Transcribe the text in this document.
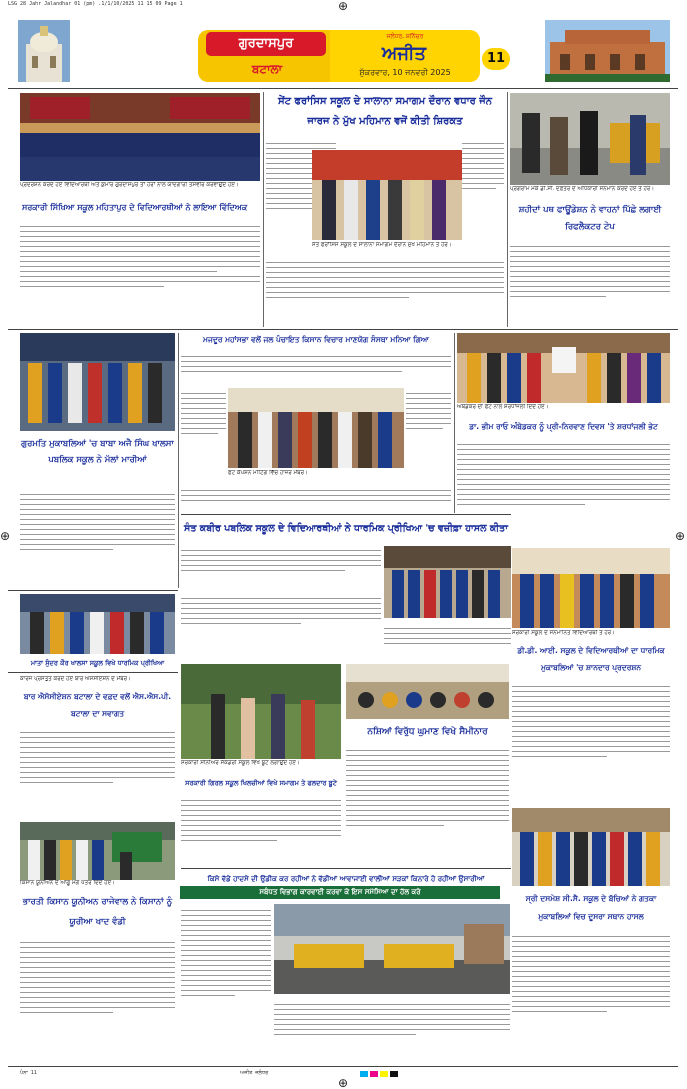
LSG 28 Jahr Jalandhar 01 (pm) .1/1/10/2025 11 15 09 Page 1
⊕	⊕
⊕
⊕
ਗੁਰਦਾਸਪੁਰ
ਬਟਾਲਾ
ਜਲੰਧਰ, ਸ਼ਨਿੱਚਰ
ਅਜੀਤ
ਸ਼ੁੱਕਰਵਾਰ, 10 ਜਨਵਰੀ 2025
11
ਪ੍ਰਦਰਸ਼ਨ ਕਰਦੇ ਹੋਏ ਵਿਦਿਆਰਥੀ ਅਤੇ ਕੁਮਾਰ ਗੁਰਦਾਸਪੁਰ ਤਾਂ ਹੋਰਾਂ ਨਾਲ ਯਾਦਗਾਰੀ ਤਸਵੀਰ ਕਰਵਾਉਂਦੇ ਹੋਏ।
ਸਰਕਾਰੀ ਸਿੱਖਿਆ ਸਕੂਲ ਮਹਿਤਾਪੁਰ ਦੇ ਵਿਦਿਆਰਥੀਆਂ ਨੇ ਲਾਇਆ ਵਿੱਦਿਅਕ
ਸੇਂਟ ਫਰਾਂਸਿਸ ਸਕੂਲ ਦੇ ਸਾਲਾਨਾ ਸਮਾਗਮ ਦੌਰਾਨ ਵਧਾਰ ਜੌਨ ਜਾਰਜ ਨੇ ਮੁੱਖ ਮਹਿਮਾਨ ਵਜੋਂ ਕੀਤੀ ਸ਼ਿਰਕਤ
ਸੰਤ ਫਰਾਂਸਿਸ ਸਕੂਲ ਦੇ ਸਾਲਾਨਾ ਸਮਾਗਮ ਦੌਰਾਨ ਮੁੱਖ ਮਹਿਮਾਨ ਤੇ ਹੋਰ।
ਪ੍ਰੋਗਰਾਮ ਮੌਕੇ ਡੀ.ਸੀ. ਦਫ਼ਤਰ ਦੇ ਅਧਿਕਾਰੀ ਸਨਮਾਨ ਕਰਦੇ ਹੋਏ ਤੇ ਹੋਰ।
ਸ਼ਹੀਦਾਂ ਪਥ ਫਾਊਂਡੇਸ਼ਨ ਨੇ ਵਾਹਨਾਂ ਪਿੱਛੇ ਲਗਾਈ ਰਿਫਲੈਕਟਰ ਟੇਪ
ਗੁਰਮਤਿ ਮੁਕਾਬਲਿਆਂ 'ਚ ਬਾਬਾ ਅਜੈ ਸਿੰਘ ਖਾਲਸਾ ਪਬਲਿਕ ਸਕੂਲ ਨੇ ਮੱਲਾਂ ਮਾਰੀਆਂ
ਮਜਦੂਰ ਮਹਾਂਸਭਾ ਵਲੋਂ ਜਲ ਪੰਚਾਇਤ ਕਿਸਾਨ ਵਿਚਾਰ ਮਾਣਯੋਗ ਸੰਸਥਾ ਮਨਿਆ ਗਿਆ
ਫੋਟੋ ਕੈਪਸ਼ਨ ਮੀਟਿੰਗ ਵਿੱਚ ਹਾਜ਼ਰ ਮੈਂਬਰ।
ਅੰਬੇਡਕਰ ਦੀ ਫੋਟੋ ਨਾਲ ਸ਼ਰਧਾਂਜਲੀ ਦਿੰਦੇ ਹੋਏ।
ਡਾ. ਭੀਮ ਰਾਓ ਅੰਬੇਡਕਰ ਨੂੰ ਪ੍ਰੀ-ਨਿਰਵਾਣ ਦਿਵਸ 'ਤੇ ਸ਼ਰਧਾਂਜਲੀ ਭੇਟ
ਸੰਤ ਕਬੀਰ ਪਬਲਿਕ ਸਕੂਲ ਦੇ ਵਿਦਿਆਰਥੀਆਂ ਨੇ ਧਾਰਮਿਕ ਪ੍ਰੀਖਿਆ 'ਚ ਵਜ਼ੀਫ਼ਾ ਹਾਸਲ ਕੀਤਾ
ਮਾਤਾ ਸੁੰਦਰ ਕੌਰ ਖਾਲਸਾ ਸਕੂਲ ਵਿਖੇ ਧਾਰਮਿਕ ਪ੍ਰੀਖਿਆ
ਸਰਕਾਰੀ ਸਕੂਲ ਦੇ ਸਨਮਾਨਿਤ ਵਿਦਿਆਰਥੀ ਤੇ ਹੋਰ।
ਡੀ.ਡੀ. ਆਈ. ਸਕੂਲ ਦੇ ਵਿਦਿਆਰਥੀਆਂ ਦਾ ਧਾਰਮਿਕ ਮੁਕਾਬਲਿਆਂ 'ਚ ਸ਼ਾਨਦਾਰ ਪ੍ਰਦਰਸ਼ਨ
ਕਾਰਜ ਪ੍ਰਸਤੁਤ ਕਰਦੇ ਹੋਏ ਬਾਰ ਐਸੋਸੀਏਸ਼ਨ ਦੇ ਮੈਂਬਰ।
ਬਾਰ ਐਸੋਸੀਏਸ਼ਨ ਬਟਾਲਾ ਦੇ ਵਫ਼ਦ ਵਲੋਂ ਐਸ.ਐਸ.ਪੀ. ਬਟਾਲਾ ਦਾ ਸਵਾਗਤ
ਨਸ਼ਿਆਂ ਵਿਰੁੱਧ ਘੁਮਾਣ ਵਿਖੇ ਸੈਮੀਨਾਰ
ਸਰਕਾਰੀ ਸੀਨੀਅਰ ਸੈਕੰਡਰੀ ਸਕੂਲ ਵਿਖੇ ਬੂਟੇ ਲਗਾਉਂਦੇ ਹੋਏ।
ਸਰਕਾਰੀ ਗਿਰਲ ਸਕੂਲ ਖਿਲਚੀਆਂ ਵਿਖੇ ਸਮਾਗਮ ਤੇ ਫਲਦਾਰ ਬੂਟੇ
ਕਿਸਾਨ ਯੂਨੀਅਨ ਦੇ ਆਗੂ ਮੰਗ ਪੱਤਰ ਦਿੰਦੇ ਹੋਏ।
ਭਾਰਤੀ ਕਿਸਾਨ ਯੂਨੀਅਨ ਰਾਜੇਵਾਲ ਨੇ ਕਿਸਾਨਾਂ ਨੂੰ ਯੂਰੀਆ ਖਾਦ ਵੰਡੀ
ਕਿਸੇ ਵੱਡੇ ਹਾਦਸੇ ਦੀ ਉਡੀਕ ਕਰ ਰਹੀਆਂ ਨੇ ਵੱਡੀਆਂ ਆਵਾਜਾਈ ਵਾਲੀਆਂ ਸੜਕਾਂ ਕਿਨਾਰੇ ਹੋ ਰਹੀਆਂ ਉਸਾਰੀਆਂ
ਸਬੰਧਤ ਵਿਭਾਗ ਕਾਰਵਾਈ ਕਰਵਾ ਕੇ ਇਸ ਸਮੱਸਿਆ ਦਾ ਹੱਲ ਕਰੇ
ਸ੍ਰੀ ਦਸਮੇਸ਼ ਸੀ.ਸੈ. ਸਕੂਲ ਦੇ ਬੱਚਿਆਂ ਨੇ ਗਤਕਾ ਮੁਕਾਬਲਿਆਂ ਵਿਚ ਦੂਸਰਾ ਸਥਾਨ ਹਾਸਲ
ਪੰਨਾ 11	ਅਜੀਤ ਜਲੰਧਰ
